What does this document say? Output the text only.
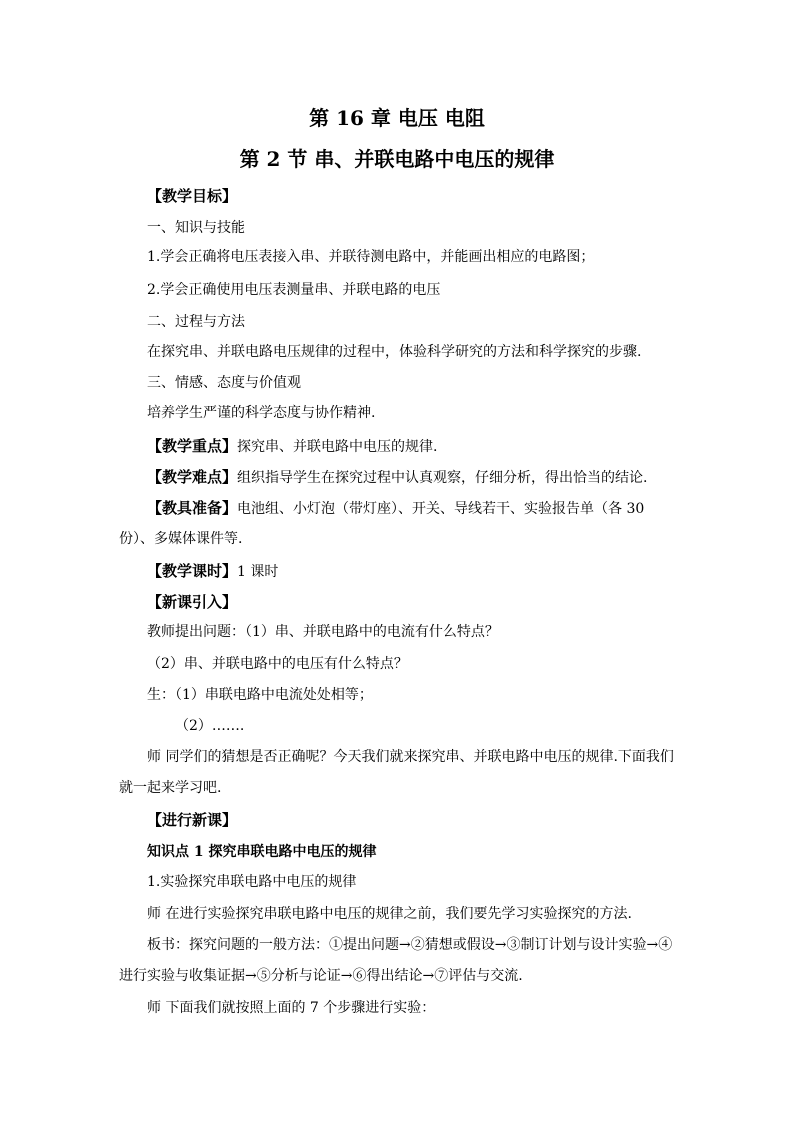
第 16 章 电压 电阻
第 2 节 串、并联电路中电压的规律
【教学目标】
一、知识与技能
1.学会正确将电压表接入串、并联待测电路中，并能画出相应的电路图；
2.学会正确使用电压表测量串、并联电路的电压
二、过程与方法
在探究串、并联电路电压规律的过程中，体验科学研究的方法和科学探究的步骤.
三、情感、态度与价值观
培养学生严谨的科学态度与协作精神.
【教学重点】探究串、并联电路中电压的规律.
【教学难点】组织指导学生在探究过程中认真观察，仔细分析，得出恰当的结论.
【教具准备】电池组、小灯泡（带灯座）、开关、导线若干、实验报告单（各 30
份）、多媒体课件等.
【教学课时】1 课时
【新课引入】
教师提出问题：（1）串、并联电路中的电流有什么特点？
（2）串、并联电路中的电压有什么特点？
生：（1）串联电路中电流处处相等；
（2）…….
师 同学们的猜想是否正确呢？今天我们就来探究串、并联电路中电压的规律.下面我们
就一起来学习吧.
【进行新课】
知识点 1 探究串联电路中电压的规律
1.实验探究串联电路中电压的规律
师 在进行实验探究串联电路中电压的规律之前，我们要先学习实验探究的方法.
板书：探究问题的一般方法：①提出问题→②猜想或假设→③制订计划与设计实验→④
进行实验与收集证据→⑤分析与论证→⑥得出结论→⑦评估与交流.
师 下面我们就按照上面的 7 个步骤进行实验：
